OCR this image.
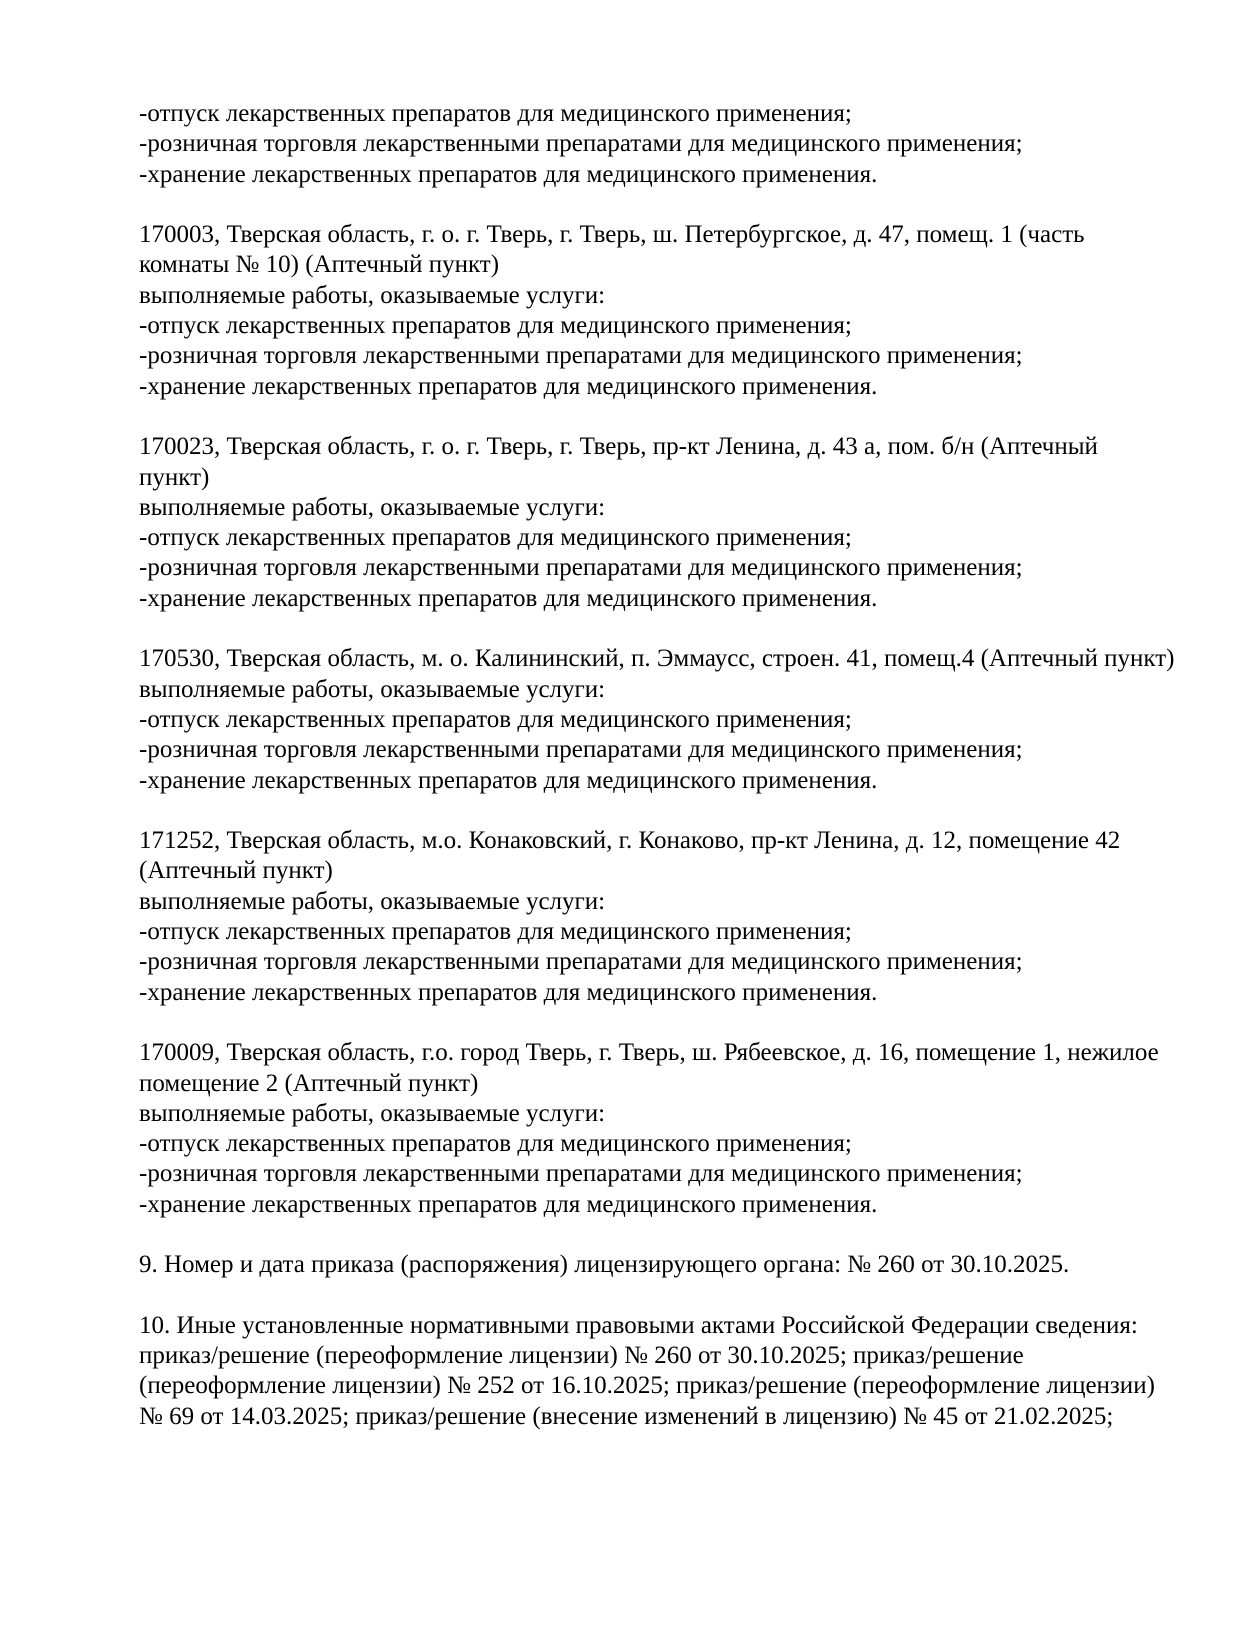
-отпуск лекарственных препаратов для медицинского применения;
-розничная торговля лекарственными препаратами для медицинского применения;
-хранение лекарственных препаратов для медицинского применения.
170003, Тверская область, г. о. г. Тверь, г. Тверь, ш. Петербургское, д. 47, помещ. 1 (часть
комнаты № 10) (Аптечный пункт)
выполняемые работы, оказываемые услуги:
-отпуск лекарственных препаратов для медицинского применения;
-розничная торговля лекарственными препаратами для медицинского применения;
-хранение лекарственных препаратов для медицинского применения.
170023, Тверская область, г. о. г. Тверь, г. Тверь, пр-кт Ленина, д. 43 а, пом. б/н (Аптечный
пункт)
выполняемые работы, оказываемые услуги:
-отпуск лекарственных препаратов для медицинского применения;
-розничная торговля лекарственными препаратами для медицинского применения;
-хранение лекарственных препаратов для медицинского применения.
170530, Тверская область, м. о. Калининский, п. Эммаусс, строен. 41, помещ.4 (Аптечный пункт)
выполняемые работы, оказываемые услуги:
-отпуск лекарственных препаратов для медицинского применения;
-розничная торговля лекарственными препаратами для медицинского применения;
-хранение лекарственных препаратов для медицинского применения.
171252, Тверская область, м.о. Конаковский, г. Конаково, пр-кт Ленина, д. 12, помещение 42
(Аптечный пункт)
выполняемые работы, оказываемые услуги:
-отпуск лекарственных препаратов для медицинского применения;
-розничная торговля лекарственными препаратами для медицинского применения;
-хранение лекарственных препаратов для медицинского применения.
170009, Тверская область, г.о. город Тверь, г. Тверь, ш. Рябеевское, д. 16, помещение 1, нежилое
помещение 2 (Аптечный пункт)
выполняемые работы, оказываемые услуги:
-отпуск лекарственных препаратов для медицинского применения;
-розничная торговля лекарственными препаратами для медицинского применения;
-хранение лекарственных препаратов для медицинского применения.
9. Номер и дата приказа (распоряжения) лицензирующего органа: № 260 от 30.10.2025.
10. Иные установленные нормативными правовыми актами Российской Федерации сведения:
приказ/решение (переоформление лицензии) № 260 от 30.10.2025; приказ/решение
(переоформление лицензии) № 252 от 16.10.2025; приказ/решение (переоформление лицензии)
№ 69 от 14.03.2025; приказ/решение (внесение изменений в лицензию) № 45 от 21.02.2025;
